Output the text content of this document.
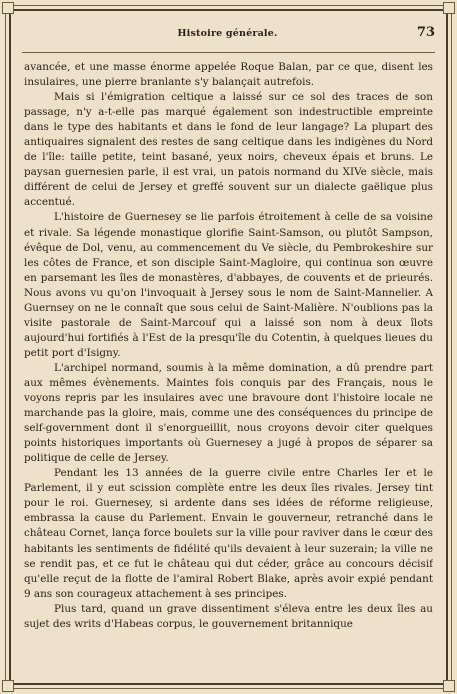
Histoire générale.	73

avancée, et une masse énorme appelée Roque Balan, par ce que, disent les insulaires, une pierre branlante s'y balançait autrefois.

Mais si l'émigration celtique a laissé sur ce sol des traces de son passage, n'y a-t-elle pas marqué également son indestructible empreinte dans le type des habitants et dans le fond de leur langage? La plupart des antiquaires signalent des restes de sang celtique dans les indigènes du Nord de l'île: taille petite, teint basané, yeux noirs, cheveux épais et bruns. Le paysan guernesien parle, il est vrai, un patois normand du XIVe siècle, mais différent de celui de Jersey et greffé souvent sur un dialecte gaëlique plus accentué.

L'histoire de Guernesey se lie parfois étroitement à celle de sa voisine et rivale. Sa légende monastique glorifie Saint-Samson, ou plutôt Sampson, évêque de Dol, venu, au commencement du Ve siècle, du Pembrokeshire sur les côtes de France, et son disciple Saint-Magloire, qui continua son œuvre en parsemant les îles de monastères, d'abbayes, de couvents et de prieurés. Nous avons vu qu'on l'invoquait à Jersey sous le nom de Saint-Mannelier. A Guernsey on ne le connaît que sous celui de Saint-Malière. N'oublions pas la visite pastorale de Saint-Marcouf qui a laissé son nom à deux îlots aujourd'hui fortifiés à l'Est de la presqu'île du Cotentin, à quelques lieues du petit port d'Isigny.

L'archipel normand, soumis à la même domination, a dû prendre part aux mêmes évènements. Maintes fois conquis par des Français, nous le voyons repris par les insulaires avec une bravoure dont l'histoire locale ne marchande pas la gloire, mais, comme une des conséquences du principe de self-government dont il s'enorgueillit, nous croyons devoir citer quelques points historiques importants où Guernesey a jugé à propos de séparer sa politique de celle de Jersey.

Pendant les 13 années de la guerre civile entre Charles Ier et le Parlement, il y eut scission complète entre les deux îles rivales. Jersey tint pour le roi. Guernesey, si ardente dans ses idées de réforme religieuse, embrassa la cause du Parlement. Envain le gouverneur, retranché dans le château Cornet, lança force boulets sur la ville pour raviver dans le cœur des habitants les sentiments de fidélité qu'ils devaient à leur suzerain; la ville ne se rendit pas, et ce fut le château qui dut céder, grâce au concours décisif qu'elle reçut de la flotte de l'amiral Robert Blake, après avoir expié pendant 9 ans son courageux attachement à ses principes.

Plus tard, quand un grave dissentiment s'éleva entre les deux îles au sujet des writs d'Habeas corpus, le gouvernement britannique
